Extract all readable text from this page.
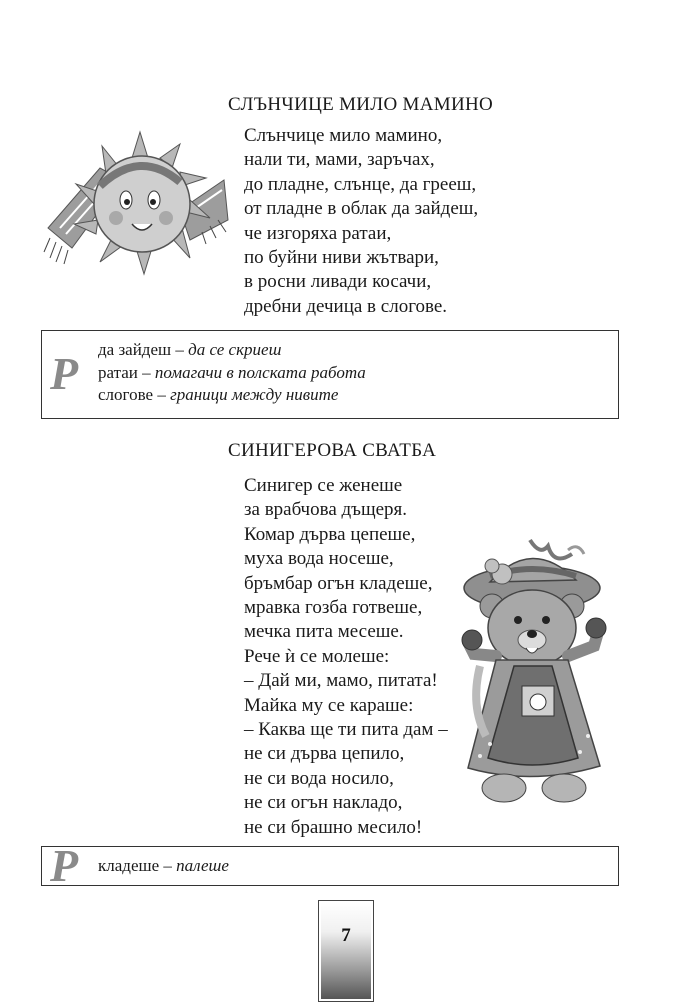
СЛЪНЧИЦЕ МИЛО МАМИНО
Слънчице мило мамино,
нали ти, мами, заръчах,
до пладне, слънце, да грееш,
от пладне в облак да зайдеш,
че изгоряха ратаи,
по буйни ниви жътвари,
в росни ливади косачи,
дребни дечица в слогове.
Р да зайдеш – да се скриеш
ратаи – помагачи в полската работа
слогове – граници между нивите
СИНИГЕРОВА СВАТБА
Синигер се женеше
за врабчова дъщеря.
Комар дърва цепеше,
муха вода носеше,
бръмбар огън кладеше,
мравка гозба готвеше,
мечка пита месеше.
Рече ѝ се молеше:
– Дай ми, мамо, питата!
Майка му се караше:
– Каква ще ти пита дам –
не си дърва цепило,
не си вода носило,
не си огън накладо,
не си брашно месило!
Р кладеше – палеше
7
